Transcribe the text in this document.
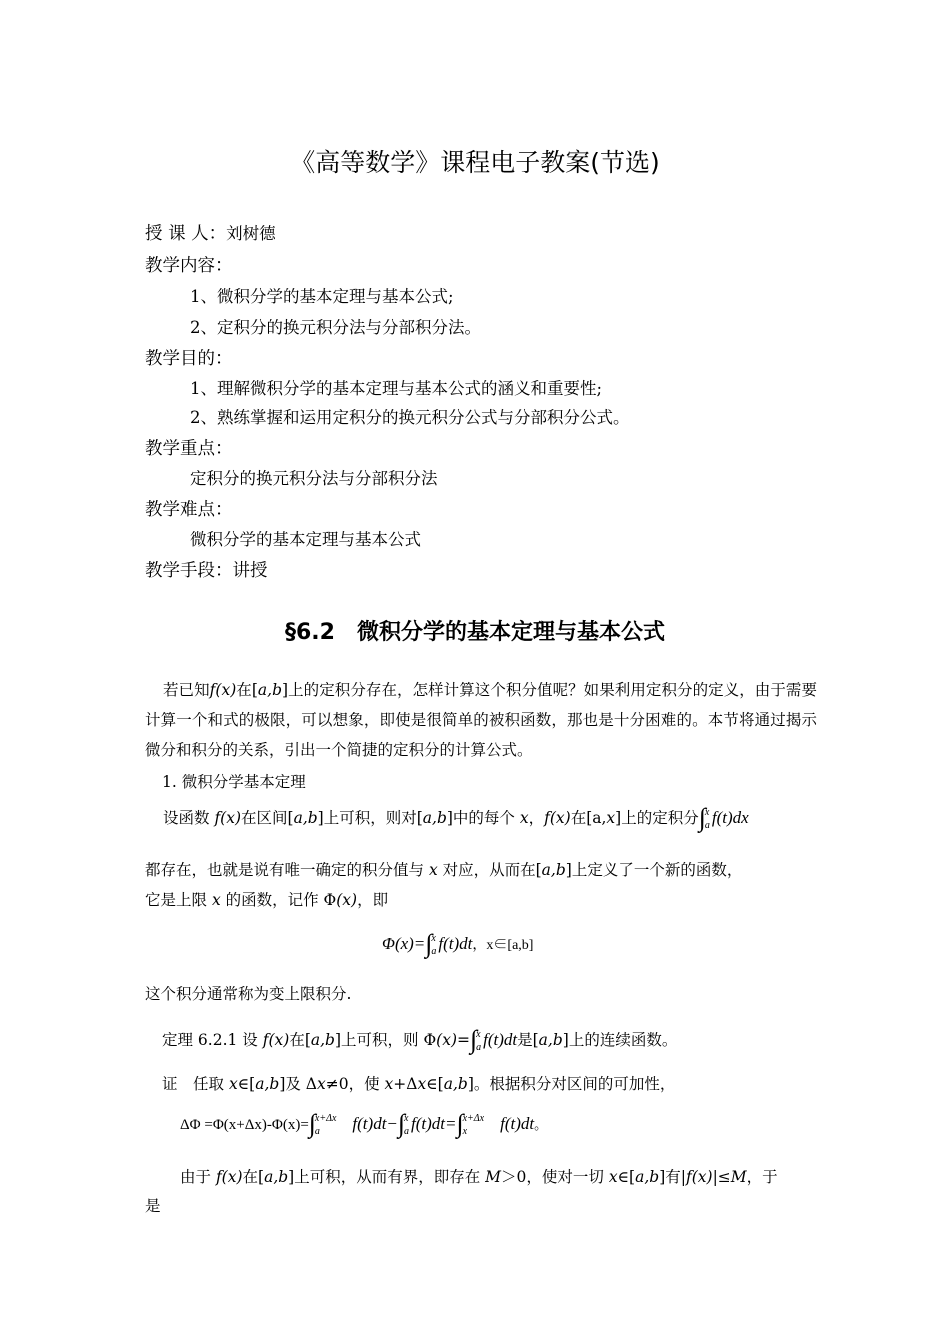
《高等数学》课程电子教案(节选)
授 课 人：刘树德
教学内容：
1、微积分学的基本定理与基本公式;
2、定积分的换元积分法与分部积分法。
教学目的：
1、理解微积分学的基本定理与基本公式的涵义和重要性;
2、熟练掌握和运用定积分的换元积分公式与分部积分公式。
教学重点：
定积分的换元积分法与分部积分法
教学难点：
微积分学的基本定理与基本公式
教学手段：讲授
§6.2　微积分学的基本定理与基本公式
若已知f(x)在[a,b]上的定积分存在，怎样计算这个积分值呢？如果利用定积分的定义，由于需要计算一个和式的极限，可以想象，即使是很简单的被积函数，那也是十分困难的。本节将通过揭示微分和积分的关系，引出一个简捷的定积分的计算公式。
1. 微积分学基本定理
设函数 f(x)在区间[a,b]上可积，则对[a,b]中的每个 x，f(x)在[a,x]上的定积分∫ x
a f(t)dx
都存在，也就是说有唯一确定的积分值与 x 对应，从而在[a,b]上定义了一个新的函数，
它是上限 x 的函数，记作 Φ(x)，即
Φ(x)=∫ x
a f(t)dt，x∈[a,b]
这个积分通常称为变上限积分.
定理 6.2.1 设 f(x)在[a,b]上可积，则 Φ(x)=∫ x
a f(t)dt是[a,b]上的连续函数。
证　任取 x∈[a,b]及 Δx≠0，使 x+Δx∈[a,b]。根据积分对区间的可加性，
ΔΦ =Φ(x+Δx)-Φ(x)=∫ x+Δx
a	f(t)dt−∫ x
a f(t)dt=∫ x+Δx
x	f(t)dt。
由于 f(x)在[a,b]上可积，从而有界，即存在 M＞0，使对一切 x∈[a,b]有|f(x)|≤M，于
是
